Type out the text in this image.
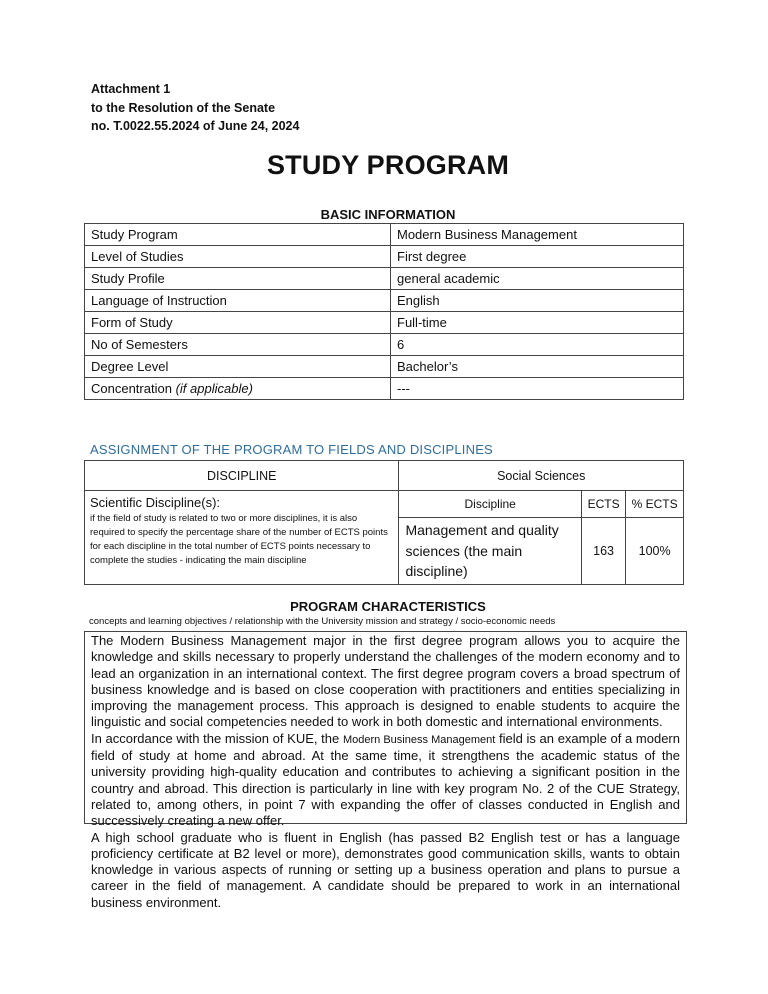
Attachment 1
to the Resolution of the Senate
no. T.0022.55.2024 of June 24, 2024
STUDY PROGRAM
BASIC INFORMATION
Study Program	Modern Business Management
Level of Studies	First degree
Study Profile	general academic
Language of Instruction	English
Form of Study	Full-time
No of Semesters	6
Degree Level	Bachelor’s
Concentration (if applicable)	---
ASSIGNMENT OF THE PROGRAM TO FIELDS AND DISCIPLINES
DISCIPLINE	Social Sciences		

Scientific Discipline(s):
if the field of study is related to two or more disciplines, it is also required to specify the percentage share of the number of ECTS points for each discipline in the total number of ECTS points necessary to complete the studies - indicating the main discipline	Discipline	ECTS	% ECTS
	Management and quality sciences (the main discipline)	163	100%
PROGRAM CHARACTERISTICS
concepts and learning objectives / relationship with the University mission and strategy / socio-economic needs

The Modern Business Management major in the first degree program allows you to acquire the knowledge and skills necessary to properly understand the challenges of the modern economy and to lead an organization in an international context. The first degree program covers a broad spectrum of business knowledge and is based on close cooperation with practitioners and entities specializing in improving the management process. This approach is designed to enable students to acquire the linguistic and social competencies needed to work in both domestic and international environments.

In accordance with the mission of KUE, the Modern Business Management field is an example of a modern field of study at home and abroad. At the same time, it strengthens the academic status of the university providing high-quality education and contributes to achieving a significant position in the country and abroad. This direction is particularly in line with key program No. 2 of the CUE Strategy, related to, among others, in point 7 with expanding the offer of classes conducted in English and successively creating a new offer.

A high school graduate who is fluent in English (has passed B2 English test or has a language proficiency certificate at B2 level or more), demonstrates good communication skills, wants to obtain knowledge in various aspects of running or setting up a business operation and plans to pursue a career in the field of management. A candidate should be prepared to work in an international business environment.
